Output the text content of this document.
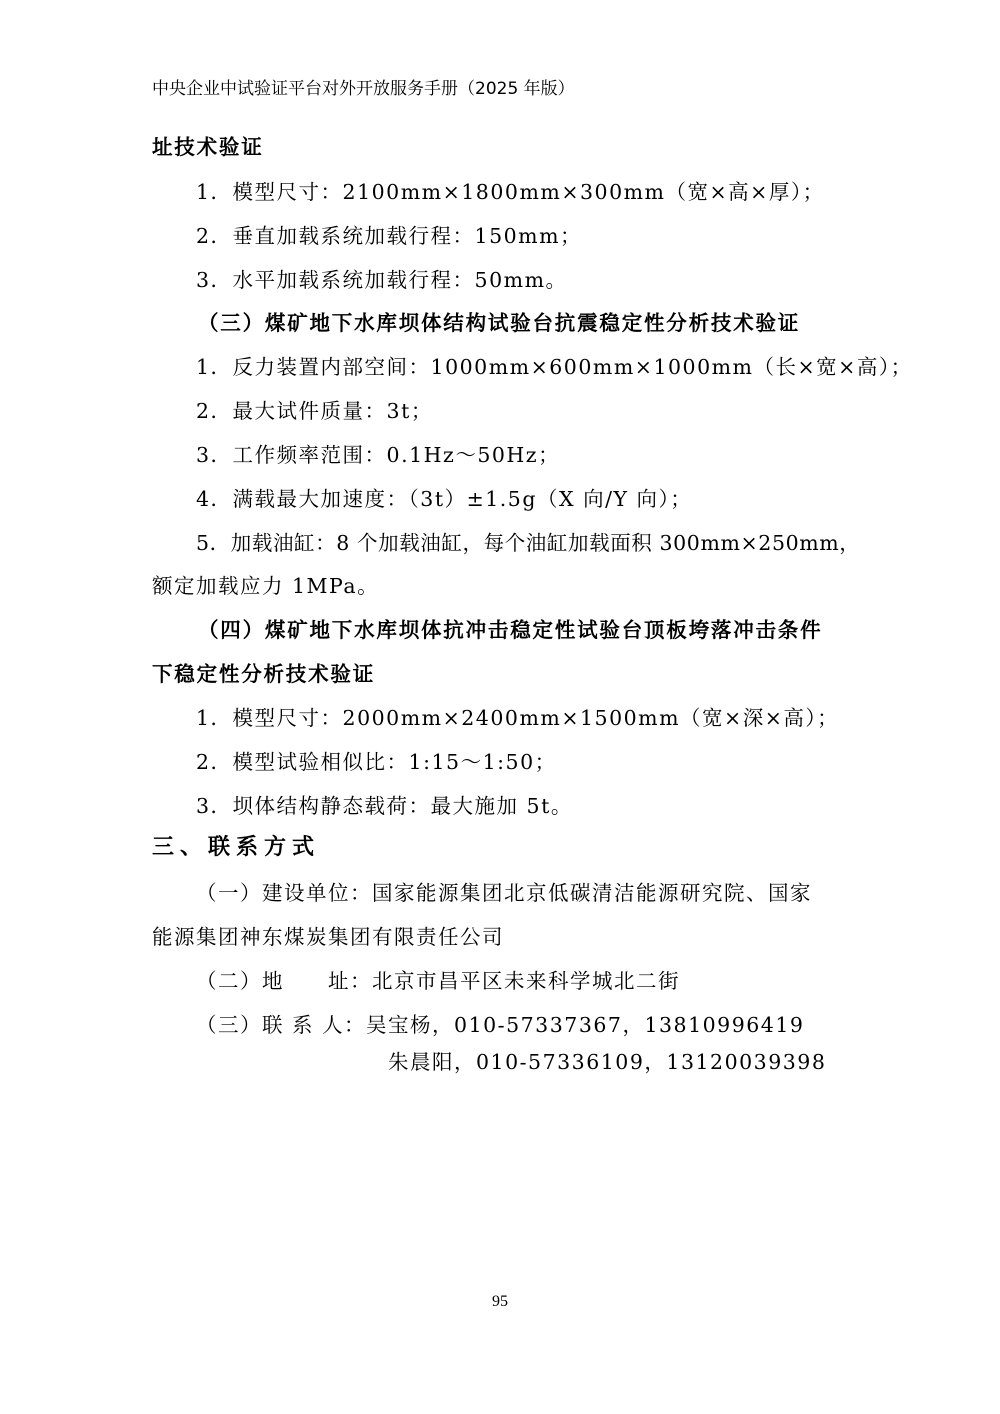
中央企业中试验证平台对外开放服务手册（2025 年版）
址技术验证
1．模型尺寸：2100mm×1800mm×300mm（宽×高×厚）；
2．垂直加载系统加载行程：150mm；
3．水平加载系统加载行程：50mm。
（三）煤矿地下水库坝体结构试验台抗震稳定性分析技术验证
1．反力装置内部空间：1000mm×600mm×1000mm（长×宽×高）；
2．最大试件质量：3t；
3．工作频率范围：0.1Hz～50Hz；
4．满载最大加速度：（3t）±1.5g（X 向/Y 向）；
5．加载油缸：8 个加载油缸，每个油缸加载面积 300mm×250mm，
额定加载应力 1MPa。
（四）煤矿地下水库坝体抗冲击稳定性试验台顶板垮落冲击条件
下稳定性分析技术验证
1．模型尺寸：2000mm×2400mm×1500mm（宽×深×高）；
2．模型试验相似比：1:15～1:50；
3．坝体结构静态载荷：最大施加 5t。
三、联系方式
（一）建设单位：国家能源集团北京低碳清洁能源研究院、国家
能源集团神东煤炭集团有限责任公司
（二）地　　址：北京市昌平区未来科学城北二街
（三）联 系 人：吴宝杨，010-57337367，13810996419
朱晨阳，010-57336109，13120039398
95
